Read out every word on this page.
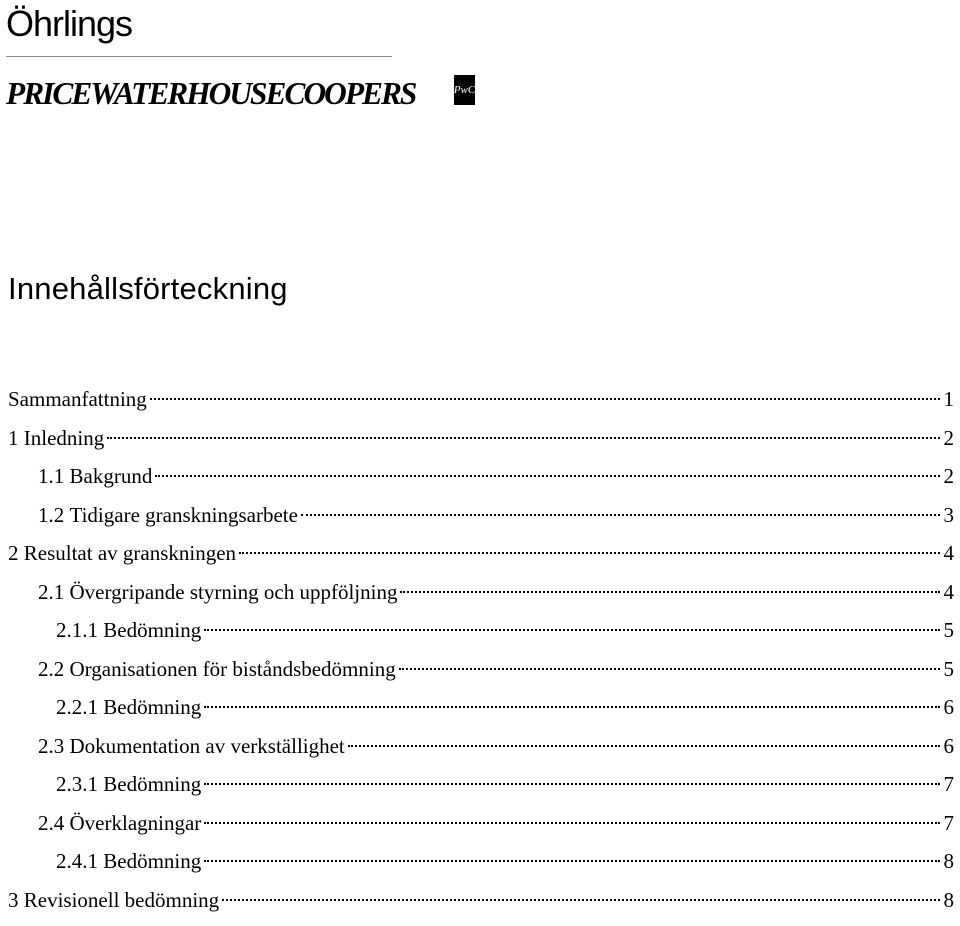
Öhrlings
PRICEWATERHOUSECOOPERS	PwC
Innehållsförteckning
Sammanfattning	1
1 Inledning	2
1.1 Bakgrund	2
1.2 Tidigare granskningsarbete	3
2 Resultat av granskningen	4
2.1 Övergripande styrning och uppföljning	4
2.1.1 Bedömning	5
2.2 Organisationen för biståndsbedömning	5
2.2.1 Bedömning	6
2.3 Dokumentation av verkställighet	6
2.3.1 Bedömning	7
2.4 Överklagningar	7
2.4.1 Bedömning	8
3 Revisionell bedömning	8
